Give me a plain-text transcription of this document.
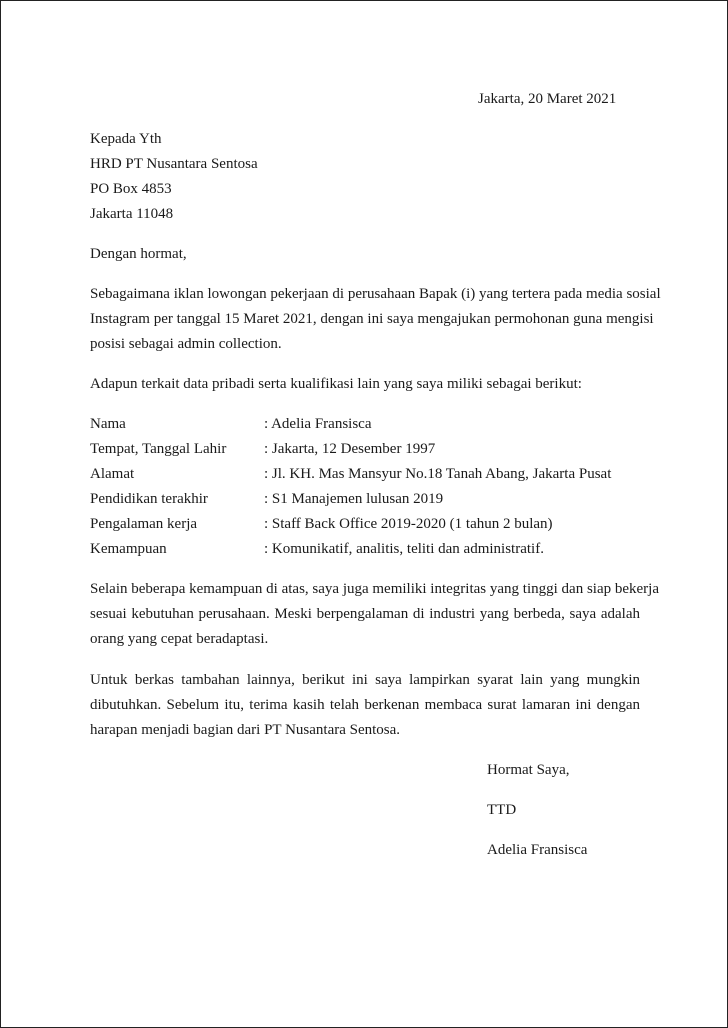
Jakarta, 20 Maret 2021
Kepada Yth
HRD PT Nusantara Sentosa
PO Box 4853
Jakarta 11048
Dengan hormat,
Sebagaimana iklan lowongan pekerjaan di perusahaan Bapak (i) yang tertera pada media sosial
Instagram per tanggal 15 Maret 2021, dengan ini saya mengajukan permohonan guna mengisi
posisi sebagai admin collection.
Adapun terkait data pribadi serta kualifikasi lain yang saya miliki sebagai berikut:
Nama	: Adelia Fransisca
Tempat, Tanggal Lahir	: Jakarta, 12 Desember 1997
Alamat	: Jl. KH. Mas Mansyur No.18 Tanah Abang, Jakarta Pusat
Pendidikan terakhir	: S1 Manajemen lulusan 2019
Pengalaman kerja	: Staff Back Office 2019-2020 (1 tahun 2 bulan)
Kemampuan	: Komunikatif, analitis, teliti dan administratif.
Selain beberapa kemampuan di atas, saya juga memiliki integritas yang tinggi dan siap bekerja
sesuai kebutuhan perusahaan. Meski berpengalaman di industri yang berbeda, saya adalah
orang yang cepat beradaptasi.
Untuk berkas tambahan lainnya, berikut ini saya lampirkan syarat lain yang mungkin
dibutuhkan. Sebelum itu, terima kasih telah berkenan membaca surat lamaran ini dengan
harapan menjadi bagian dari PT Nusantara Sentosa.
Hormat Saya,
TTD
Adelia Fransisca
